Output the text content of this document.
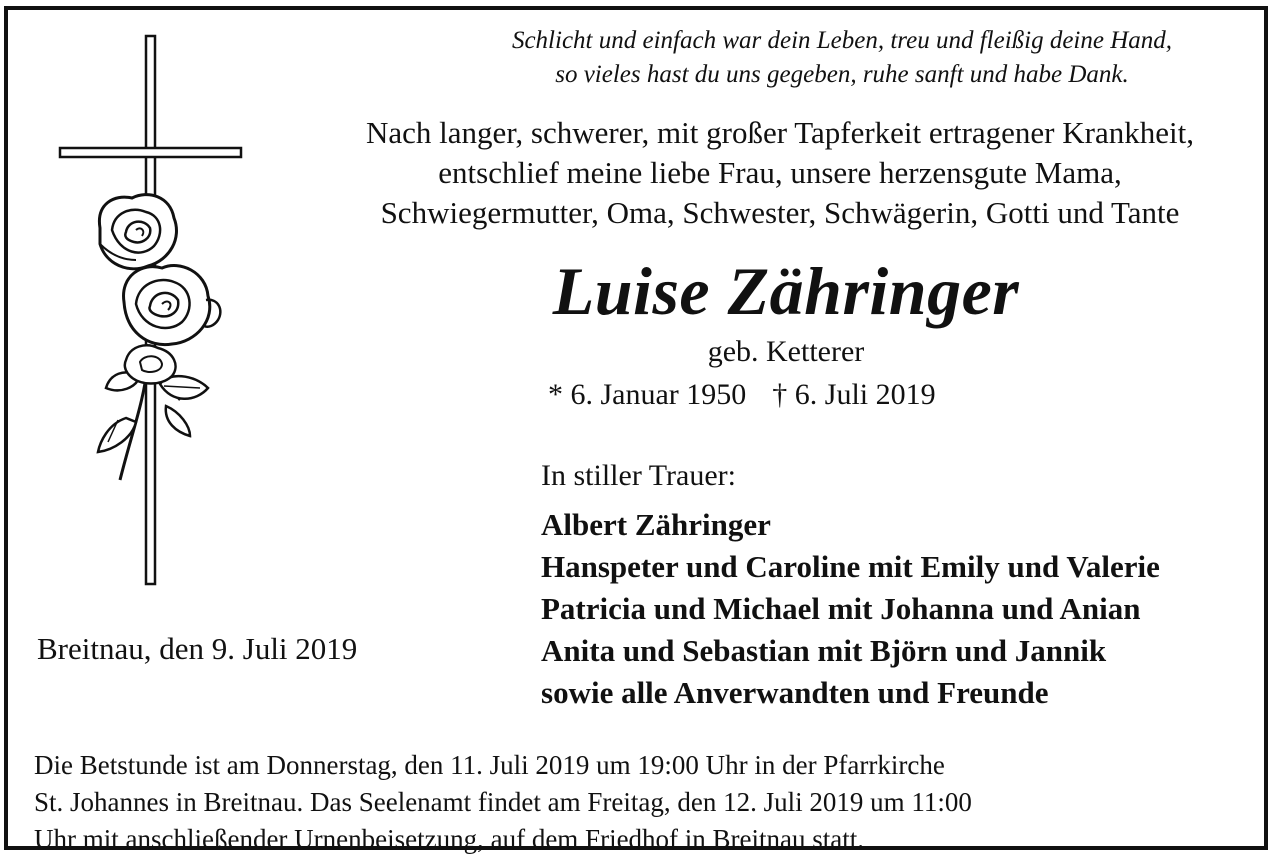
Schlicht und einfach war dein Leben, treu und fleißig deine Hand,
so vieles hast du uns gegeben, ruhe sanft und habe Dank.
Nach langer, schwerer, mit großer Tapferkeit ertragener Krankheit,
entschlief meine liebe Frau, unsere herzensgute Mama,
Schwiegermutter, Oma, Schwester, Schwägerin, Gotti und Tante
Luise Zähringer
geb. Ketterer
* 6. Januar 1950 † 6. Juli 2019
In stiller Trauer:
Albert Zähringer
Hanspeter und Caroline mit Emily und Valerie
Patricia und Michael mit Johanna und Anian
Anita und Sebastian mit Björn und Jannik
sowie alle Anverwandten und Freunde
Breitnau, den 9. Juli 2019
Die Betstunde ist am Donnerstag, den 11. Juli 2019 um 19:00 Uhr in der Pfarrkirche
St. Johannes in Breitnau. Das Seelenamt findet am Freitag, den 12. Juli 2019 um 11:00
Uhr mit anschließender Urnenbeisetzung, auf dem Friedhof in Breitnau statt.
